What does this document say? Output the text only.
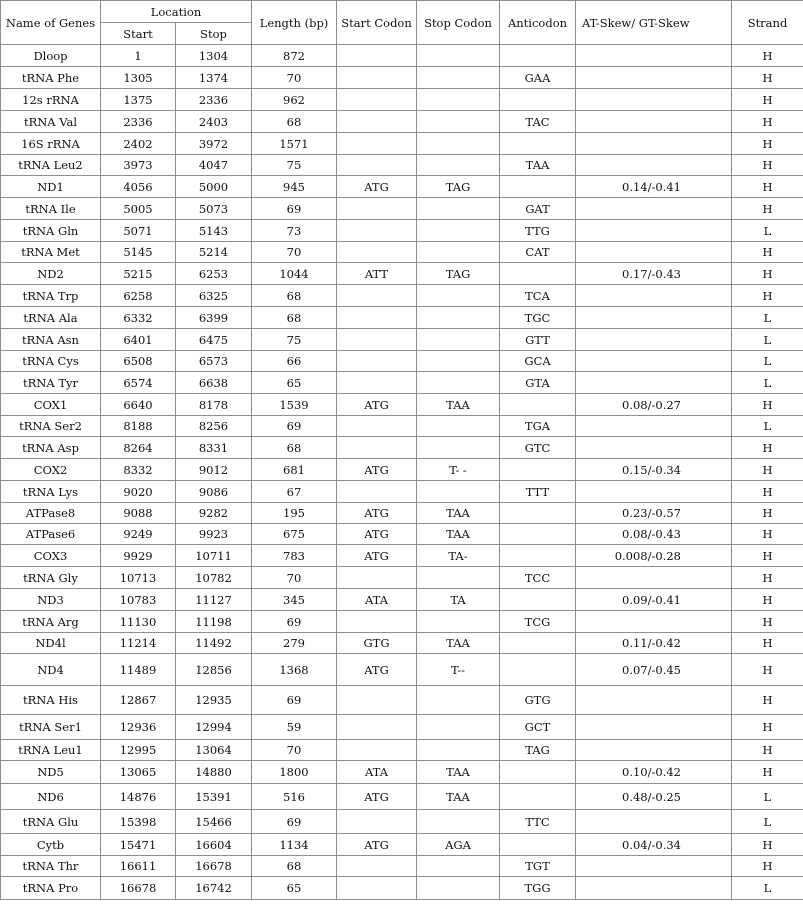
Name of Genes	Location		Length (bp)	Start Codon	Stop Codon	Anticodon	AT-Skew/ GT-Skew	Strand
	Start	Stop						
Dloop	1	1304	872					H
tRNA Phe	1305	1374	70			GAA		H
12s rRNA	1375	2336	962					H
tRNA Val	2336	2403	68			TAC		H
16S rRNA	2402	3972	1571					H
tRNA Leu2	3973	4047	75			TAA		H
ND1	4056	5000	945	ATG	TAG		0.14/-0.41	H
tRNA Ile	5005	5073	69			GAT		H
tRNA Gln	5071	5143	73			TTG		L
tRNA Met	5145	5214	70			CAT		H
ND2	5215	6253	1044	ATT	TAG		0.17/-0.43	H
tRNA Trp	6258	6325	68			TCA		H
tRNA Ala	6332	6399	68			TGC		L
tRNA Asn	6401	6475	75			GTT		L
tRNA Cys	6508	6573	66			GCA		L
tRNA Tyr	6574	6638	65			GTA		L
COX1	6640	8178	1539	ATG	TAA		0.08/-0.27	H
tRNA Ser2	8188	8256	69			TGA		L
tRNA Asp	8264	8331	68			GTC		H
COX2	8332	9012	681	ATG	T- -		0.15/-0.34	H
tRNA Lys	9020	9086	67			TTT		H
ATPase8	9088	9282	195	ATG	TAA		0.23/-0.57	H
ATPase6	9249	9923	675	ATG	TAA		0.08/-0.43	H
COX3	9929	10711	783	ATG	TA-		0.008/-0.28	H
tRNA Gly	10713	10782	70			TCC		H
ND3	10783	11127	345	ATA	TA		0.09/-0.41	H
tRNA Arg	11130	11198	69			TCG		H
ND4l	11214	11492	279	GTG	TAA		0.11/-0.42	H
ND4	11489	12856	1368	ATG	T--		0.07/-0.45	H
tRNA His	12867	12935	69			GTG		H
tRNA Ser1	12936	12994	59			GCT		H
tRNA Leu1	12995	13064	70			TAG		H
ND5	13065	14880	1800	ATA	TAA		0.10/-0.42	H
ND6	14876	15391	516	ATG	TAA		0.48/-0.25	L
tRNA Glu	15398	15466	69			TTC		L
Cytb	15471	16604	1134	ATG	AGA		0.04/-0.34	H
tRNA Thr	16611	16678	68			TGT		H
tRNA Pro	16678	16742	65			TGG		L
